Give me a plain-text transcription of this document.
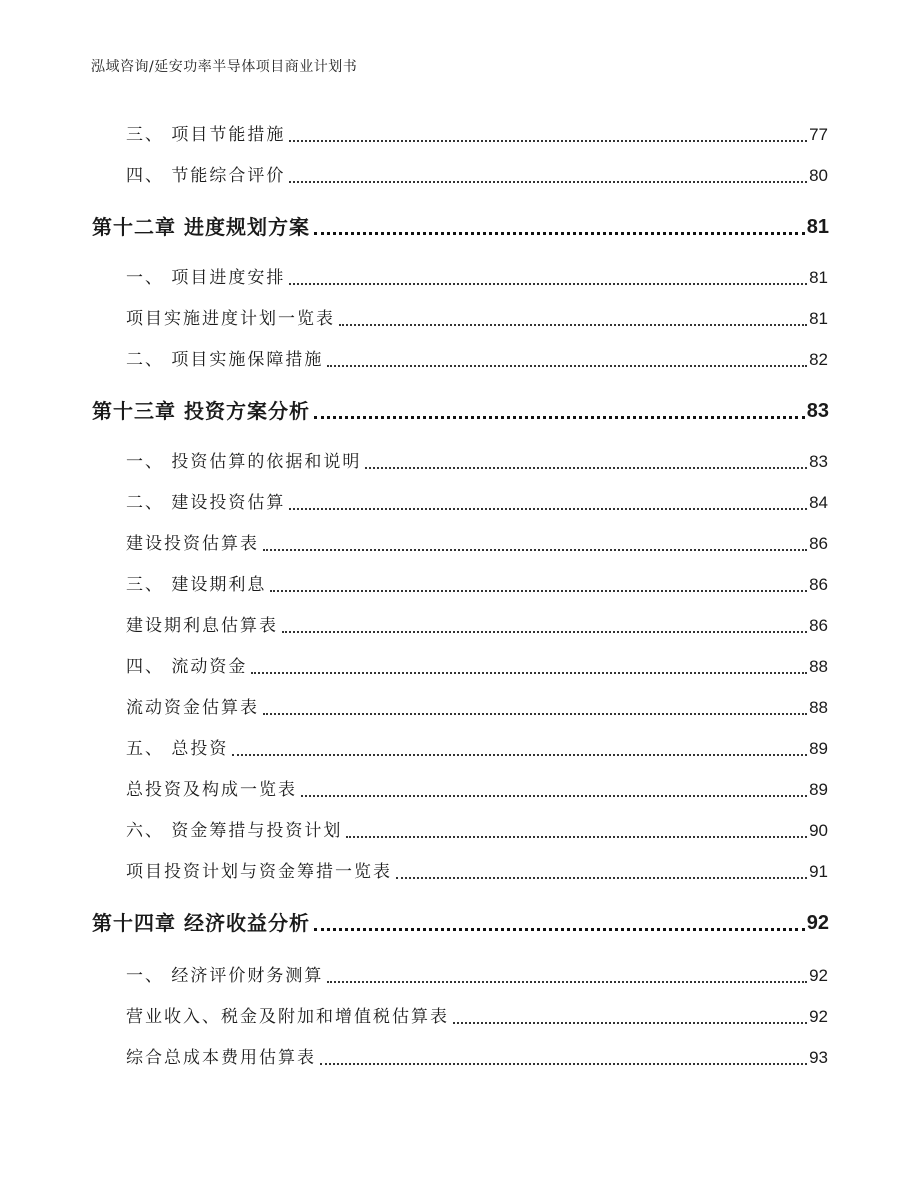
泓域咨询/延安功率半导体项目商业计划书
三、 项目节能措施	77
四、 节能综合评价	80
第十二章 进度规划方案	81
一、 项目进度安排	81
项目实施进度计划一览表	81
二、 项目实施保障措施	82
第十三章 投资方案分析	83
一、 投资估算的依据和说明	83
二、 建设投资估算	84
建设投资估算表	86
三、 建设期利息	86
建设期利息估算表	86
四、 流动资金	88
流动资金估算表	88
五、 总投资	89
总投资及构成一览表	89
六、 资金筹措与投资计划	90
项目投资计划与资金筹措一览表	91
第十四章 经济收益分析	92
一、 经济评价财务测算	92
营业收入、税金及附加和增值税估算表	92
综合总成本费用估算表	93
